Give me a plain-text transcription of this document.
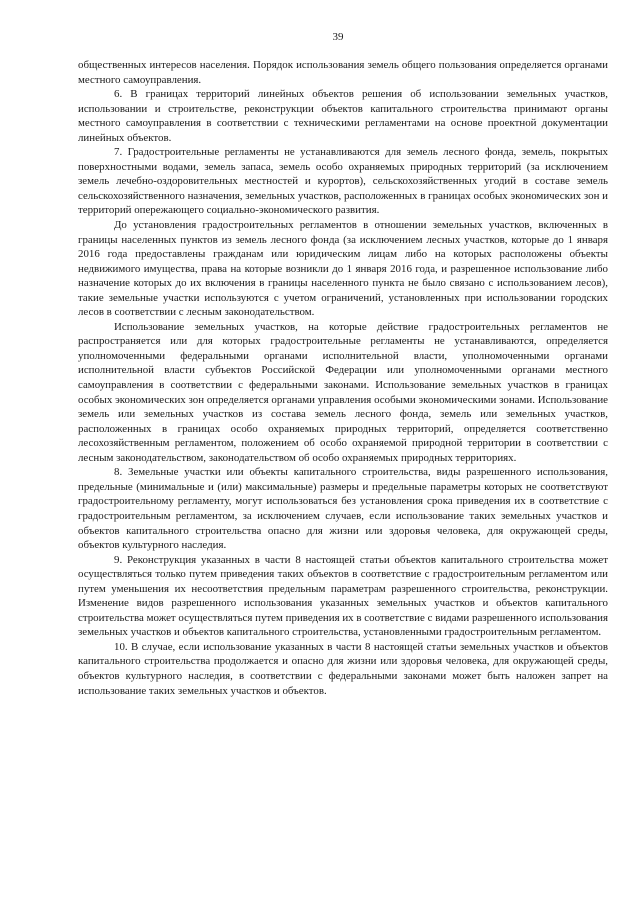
39

общественных интересов населения. Порядок использования земель общего пользования определяется органами местного самоуправления.

6. В границах территорий линейных объектов решения об использовании земельных участков, использовании и строительстве, реконструкции объектов капитального строительства принимают органы местного самоуправления в соответствии с техническими регламентами на основе проектной документации линейных объектов.

7. Градостроительные регламенты не устанавливаются для земель лесного фонда, земель, покрытых поверхностными водами, земель запаса, земель особо охраняемых природных территорий (за исключением земель лечебно-оздоровительных местностей и курортов), сельскохозяйственных угодий в составе земель сельскохозяйственного назначения, земельных участков, расположенных в границах особых экономических зон и территорий опережающего социально-экономического развития.

До установления градостроительных регламентов в отношении земельных участков, включенных в границы населенных пунктов из земель лесного фонда (за исключением лесных участков, которые до 1 января 2016 года предоставлены гражданам или юридическим лицам либо на которых расположены объекты недвижимого имущества, права на которые возникли до 1 января 2016 года, и разрешенное использование либо назначение которых до их включения в границы населенного пункта не было связано с использованием лесов), такие земельные участки используются с учетом ограничений, установленных при использовании городских лесов в соответствии с лесным законодательством.

Использование земельных участков, на которые действие градостроительных регламентов не распространяется или для которых градостроительные регламенты не устанавливаются, определяется уполномоченными федеральными органами исполнительной власти, уполномоченными органами исполнительной власти субъектов Российской Федерации или уполномоченными органами местного самоуправления в соответствии с федеральными законами. Использование земельных участков в границах особых экономических зон определяется органами управления особыми экономическими зонами. Использование земель или земельных участков из состава земель лесного фонда, земель или земельных участков, расположенных в границах особо охраняемых природных территорий, определяется соответственно лесохозяйственным регламентом, положением об особо охраняемой природной территории в соответствии с лесным законодательством, законодательством об особо охраняемых природных территориях.

8. Земельные участки или объекты капитального строительства, виды разрешенного использования, предельные (минимальные и (или) максимальные) размеры и предельные параметры которых не соответствуют градостроительному регламенту, могут использоваться без установления срока приведения их в соответствие с градостроительным регламентом, за исключением случаев, если использование таких земельных участков и объектов капитального строительства опасно для жизни или здоровья человека, для окружающей среды, объектов культурного наследия.

9. Реконструкция указанных в части 8 настоящей статьи объектов капитального строительства может осуществляться только путем приведения таких объектов в соответствие с градостроительным регламентом или путем уменьшения их несоответствия предельным параметрам разрешенного строительства, реконструкции. Изменение видов разрешенного использования указанных земельных участков и объектов капитального строительства может осуществляться путем приведения их в соответствие с видами разрешенного использования земельных участков и объектов капитального строительства, установленными градостроительным регламентом.

10. В случае, если использование указанных в части 8 настоящей статьи земельных участков и объектов капитального строительства продолжается и опасно для жизни или здоровья человека, для окружающей среды, объектов культурного наследия, в соответствии с федеральными законами может быть наложен запрет на использование таких земельных участков и объектов.
